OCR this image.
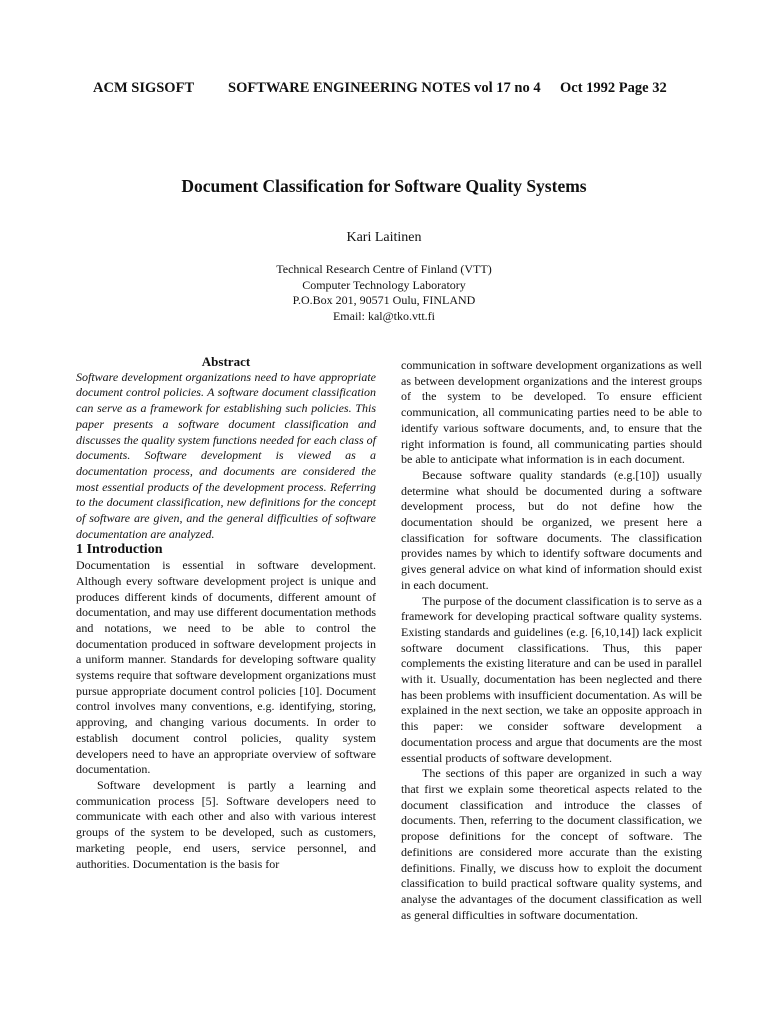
ACM SIGSOFT SOFTWARE ENGINEERING NOTES vol 17 no 4 Oct 1992 Page 32
Document Classification for Software Quality Systems
Kari Laitinen
Technical Research Centre of Finland (VTT)
Computer Technology Laboratory
P.O.Box 201, 90571 Oulu, FINLAND
Email: kal@tko.vtt.fi

Abstract

Software development organizations need to have appropriate document control policies. A software document classification can serve as a framework for establishing such policies. This paper presents a software document classification and discusses the quality system functions needed for each class of documents. Software development is viewed as a documentation process, and documents are considered the most essential products of the development process. Referring to the document classification, new definitions for the concept of software are given, and the general difficulties of software documentation are analyzed.

1 Introduction

Documentation is essential in software development. Although every software development project is unique and produces different kinds of documents, different amount of documentation, and may use different documentation methods and notations, we need to be able to control the documentation produced in software development projects in a uniform manner. Standards for developing software quality systems require that software development organizations must pursue appropriate document control policies [10]. Document control involves many conventions, e.g. identifying, storing, approving, and changing various documents. In order to establish document control policies, quality system developers need to have an appropriate overview of software documentation.

Software development is partly a learning and communication process [5]. Software developers need to communicate with each other and also with various interest groups of the system to be developed, such as customers, marketing people, end users, service personnel, and authorities. Documentation is the basis for

communication in software development organizations as well as between development organizations and the interest groups of the system to be developed. To ensure efficient communication, all communicating parties need to be able to identify various software documents, and, to ensure that the right information is found, all communicating parties should be able to anticipate what information is in each document.

Because software quality standards (e.g.[10]) usually determine what should be documented during a software development process, but do not define how the documentation should be organized, we present here a classification for software documents. The classification provides names by which to identify software documents and gives general advice on what kind of information should exist in each document.

The purpose of the document classification is to serve as a framework for developing practical software quality systems. Existing standards and guidelines (e.g. [6,10,14]) lack explicit software document classifications. Thus, this paper complements the existing literature and can be used in parallel with it. Usually, documentation has been neglected and there has been problems with insufficient documentation. As will be explained in the next section, we take an opposite approach in this paper: we consider software development a documentation process and argue that documents are the most essential products of software development.

The sections of this paper are organized in such a way that first we explain some theoretical aspects related to the document classification and introduce the classes of documents. Then, referring to the document classification, we propose definitions for the concept of software. The definitions are considered more accurate than the existing definitions. Finally, we discuss how to exploit the document classification to build practical software quality systems, and analyse the advantages of the document classification as well as general difficulties in software documentation.
